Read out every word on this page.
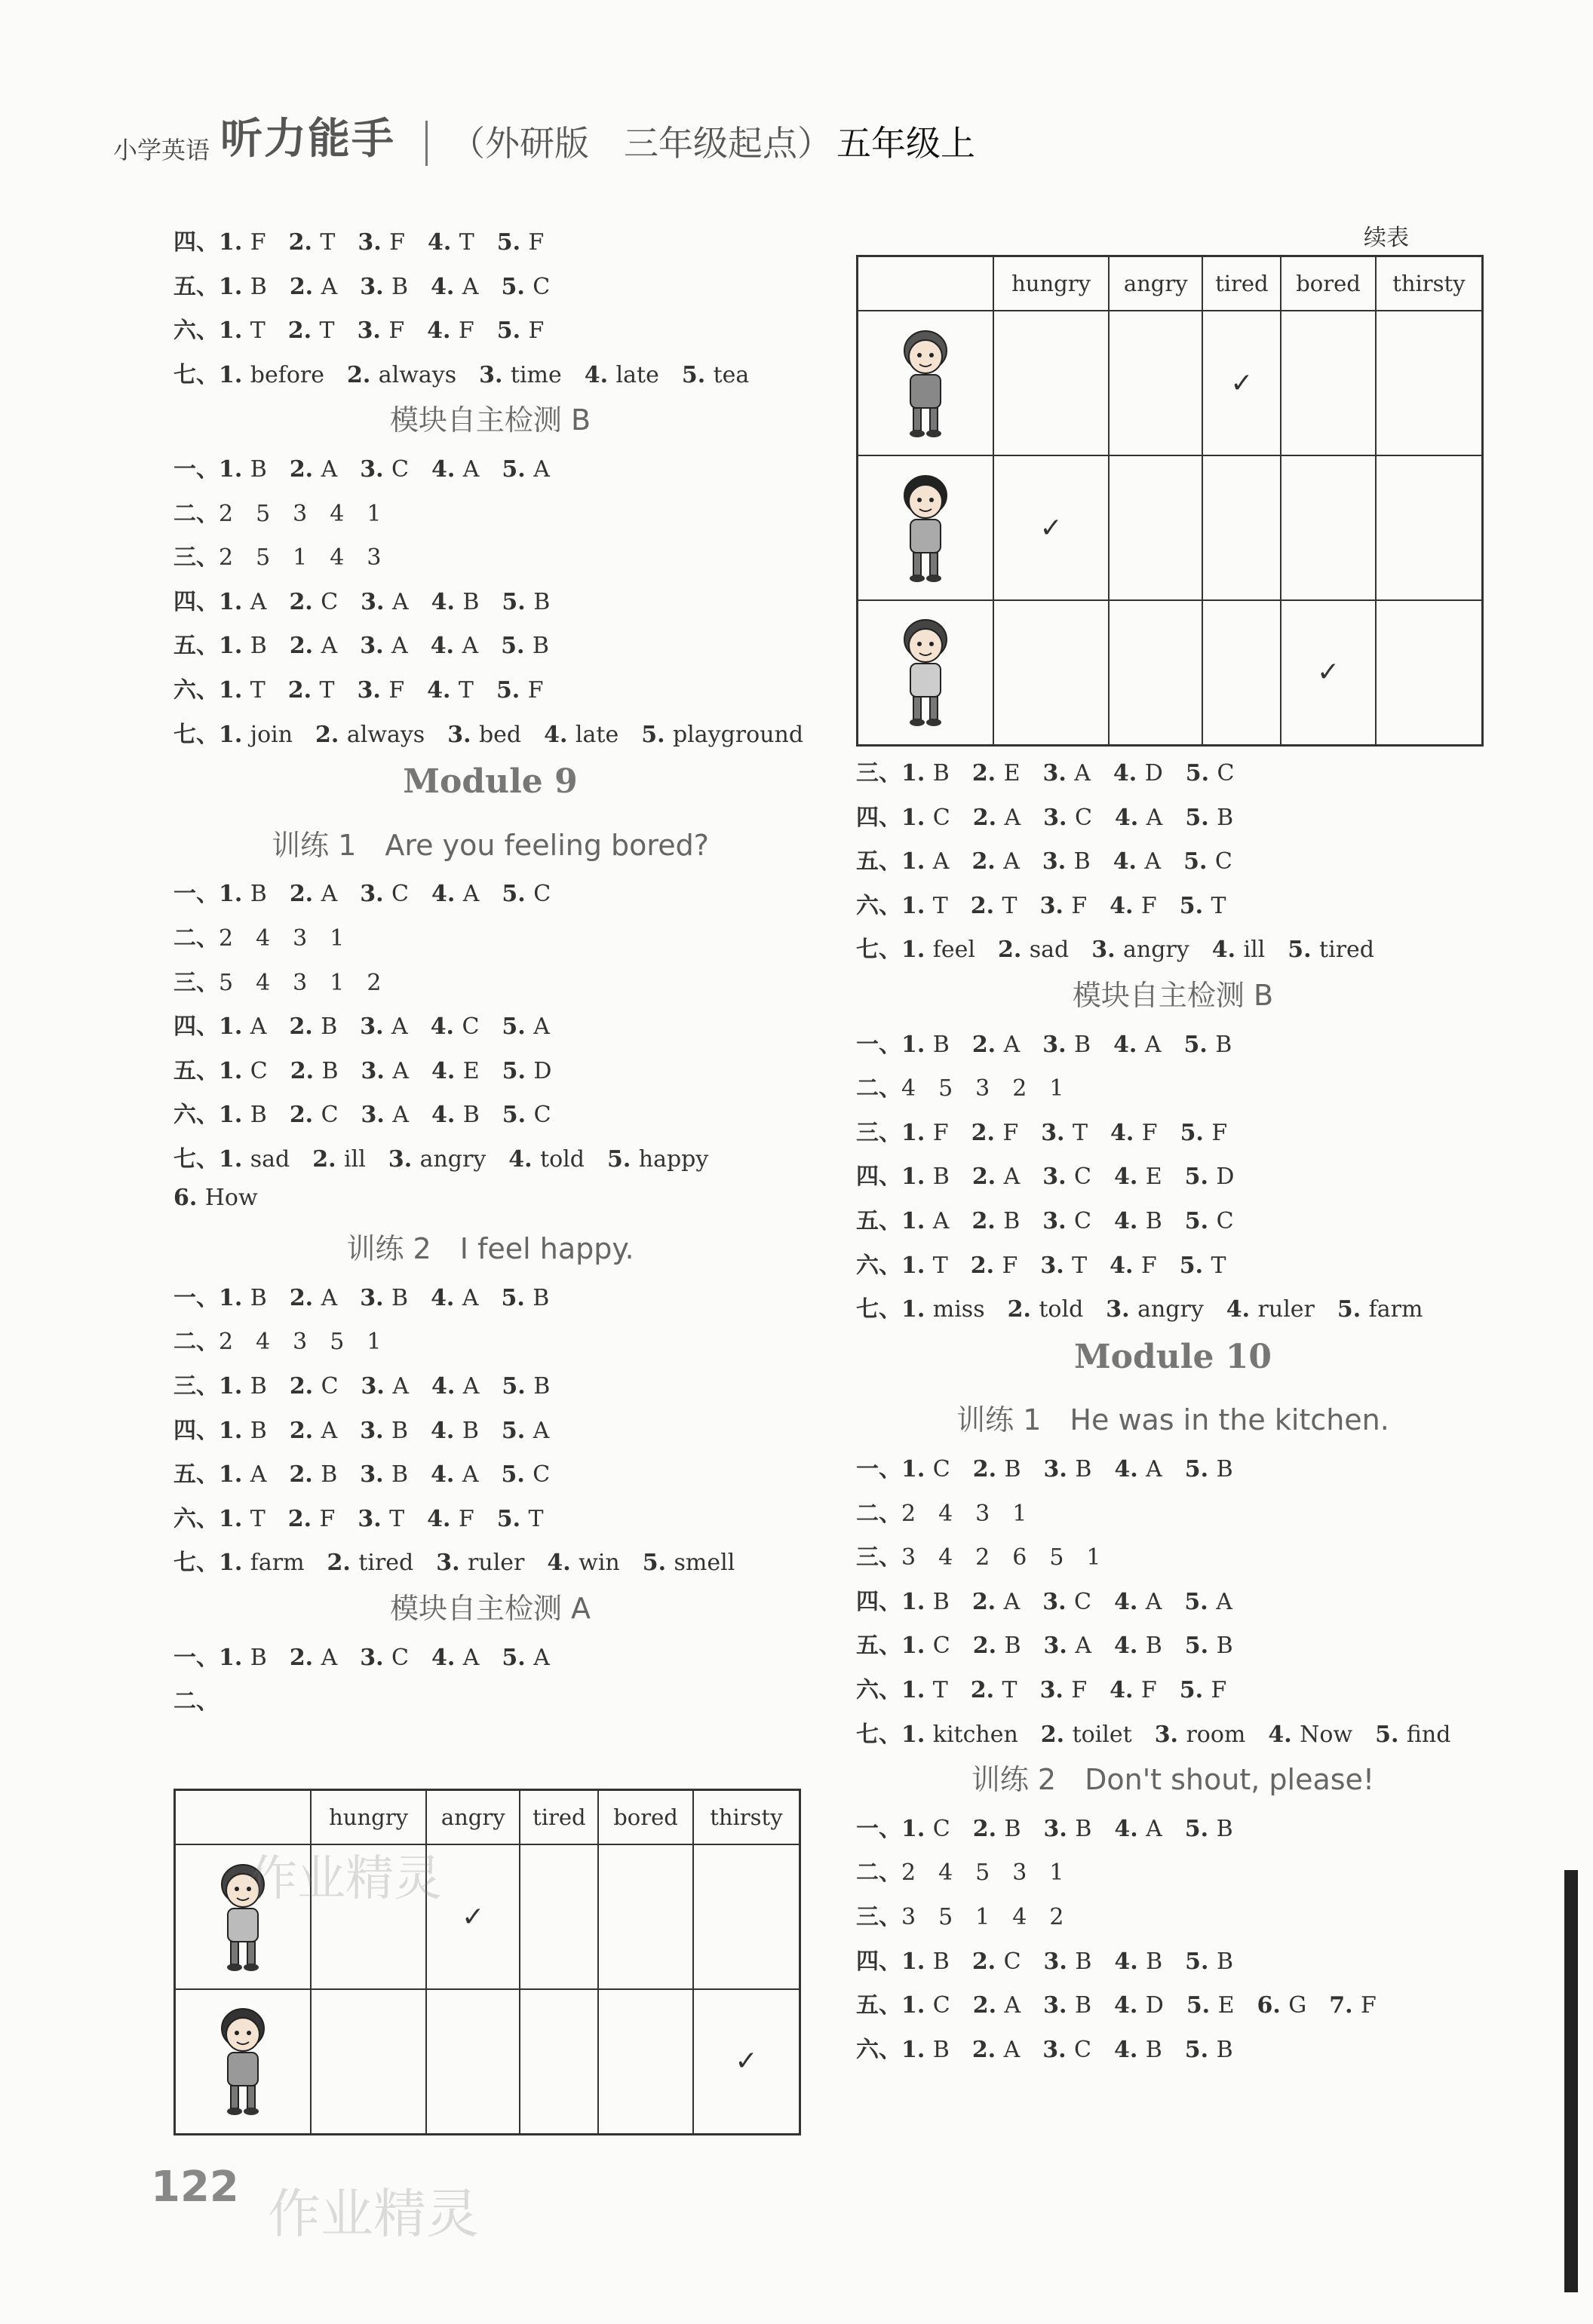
小学英语 听力能手 （外研版　三年级起点） 五年级上
四、1. F 2. T 3. F 4. T 5. F
五、1. B 2. A 3. B 4. A 5. C
六、1. T 2. T 3. F 4. F 5. F
七、1. before 2. always 3. time 4. late 5. tea
模块自主检测 B
一、1. B 2. A 3. C 4. A 5. A
二、2　5　3　4　1
三、2　5　1　4　3
四、1. A 2. C 3. A 4. B 5. B
五、1. B 2. A 3. A 4. A 5. B
六、1. T 2. T 3. F 4. T 5. F
七、1. join 2. always 3. bed 4. late 5. playground
Module 9
训练 1　Are you feeling bored?
一、1. B 2. A 3. C 4. A 5. C
二、2　4　3　1
三、5　4　3　1　2
四、1. A 2. B 3. A 4. C 5. A
五、1. C 2. B 3. A 4. E 5. D
六、1. B 2. C 3. A 4. B 5. C
七、1. sad 2. ill 3. angry 4. told 5. happy
6. How
训练 2　I feel happy.
一、1. B 2. A 3. B 4. A 5. B
二、2　4　3　5　1
三、1. B 2. C 3. A 4. A 5. B
四、1. B 2. A 3. B 4. B 5. A
五、1. A 2. B 3. B 4. A 5. C
六、1. T 2. F 3. T 4. F 5. T
七、1. farm 2. tired 3. ruler 4. win 5. smell
模块自主检测 A
一、1. B 2. A 3. C 4. A 5. A
二、
三、1. B 2. E 3. A 4. D 5. C
四、1. C 2. A 3. C 4. A 5. B
五、1. A 2. A 3. B 4. A 5. C
六、1. T 2. T 3. F 4. F 5. T
七、1. feel 2. sad 3. angry 4. ill 5. tired
模块自主检测 B
一、1. B 2. A 3. B 4. A 5. B
二、4　5　3　2　1
三、1. F 2. F 3. T 4. F 5. F
四、1. B 2. A 3. C 4. E 5. D
五、1. A 2. B 3. C 4. B 5. C
六、1. T 2. F 3. T 4. F 5. T
七、1. miss 2. told 3. angry 4. ruler 5. farm
Module 10
训练 1　He was in the kitchen.
一、1. C 2. B 3. B 4. A 5. B
二、2　4　3　1
三、3　4　2　6　5　1
四、1. B 2. A 3. C 4. A 5. A
五、1. C 2. B 3. A 4. B 5. B
六、1. T 2. T 3. F 4. F 5. F
七、1. kitchen 2. toilet 3. room 4. Now 5. find
训练 2　Don't shout, please!
一、1. C 2. B 3. B 4. A 5. B
二、2　4　5　3　1
三、3　5　1　4　2
四、1. B 2. C 3. B 4. B 5. B
五、1. C 2. A 3. B 4. D 5. E 6. G 7. F
六、1. B 2. A 3. C 4. B 5. B
续表
	hungry	angry	tired	bored	thirsty
			✓		
	✓				
				✓	
	hungry	angry	tired	bored	thirsty
		✓			
					✓
122 作业精灵
作业精灵
